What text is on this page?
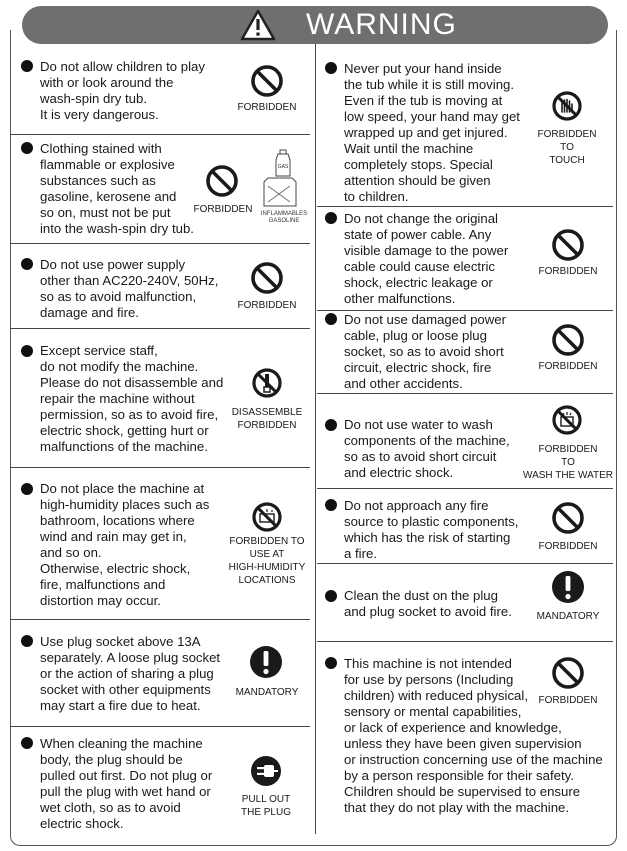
WARNING
Do not allow children to play
with or look around the
wash-spin dry tub.
It is very dangerous.	FORBIDDEN
Clothing stained with
flammable or explosive
substances such as
gasoline, kerosene and
so on, must not be put
into the wash-spin dry tub.
FORBIDDEN
GAS
INFLAMMABLES
GASOLINE
Do not use power supply
other than AC220-240V, 50Hz,
so as to avoid malfunction,
damage and fire.	FORBIDDEN
Except service staff,
do not modify the machine.
Please do not disassemble and
repair the machine without
permission, so as to avoid fire,
electric shock, getting hurt or
malfunctions of the machine.
DISASSEMBLE
FORBIDDEN
Do not place the machine at
high-humidity places such as
bathroom, locations where
wind and rain may get in,
and so on.
Otherwise, electric shock,
fire, malfunctions and
distortion may occur.
FORBIDDEN TO
USE AT
HIGH-HUMIDITY
LOCATIONS
Use plug socket above 13A
separately. A loose plug socket
or the action of sharing a plug
socket with other equipments
may start a fire due to heat.
MANDATORY
When cleaning the machine
body, the plug should be
pulled out first. Do not plug or
pull the plug with wet hand or
wet cloth, so as to avoid
electric shock.
PULL OUT
THE PLUG
Never put your hand inside
the tub while it is still moving.
Even if the tub is moving at
low speed, your hand may get
wrapped up and get injured.
Wait until the machine
completely stops. Special
attention should be given
to children.
FORBIDDEN
TO
TOUCH
Do not change the original
state of power cable. Any
visible damage to the power
cable could cause electric
shock, electric leakage or
other malfunctions.
FORBIDDEN
Do not use damaged power
cable, plug or loose plug
socket, so as to avoid short
circuit, electric shock, fire
and other accidents.
FORBIDDEN
Do not use water to wash
components of the machine,
so as to avoid short circuit
and electric shock.
FORBIDDEN
TO
WASH THE WATER
Do not approach any fire
source to plastic components,
which has the risk of starting
a fire.	FORBIDDEN
Clean the dust on the plug
and plug socket to avoid fire.	MANDATORY
This machine is not intended
for use by persons (Including
children) with reduced physical,
sensory or mental capabilities,
or lack of experience and knowledge,
unless they have been given supervision
or instruction concerning use of the machine
by a person responsible for their safety.
Children should be supervised to ensure
that they do not play with the machine.
FORBIDDEN
